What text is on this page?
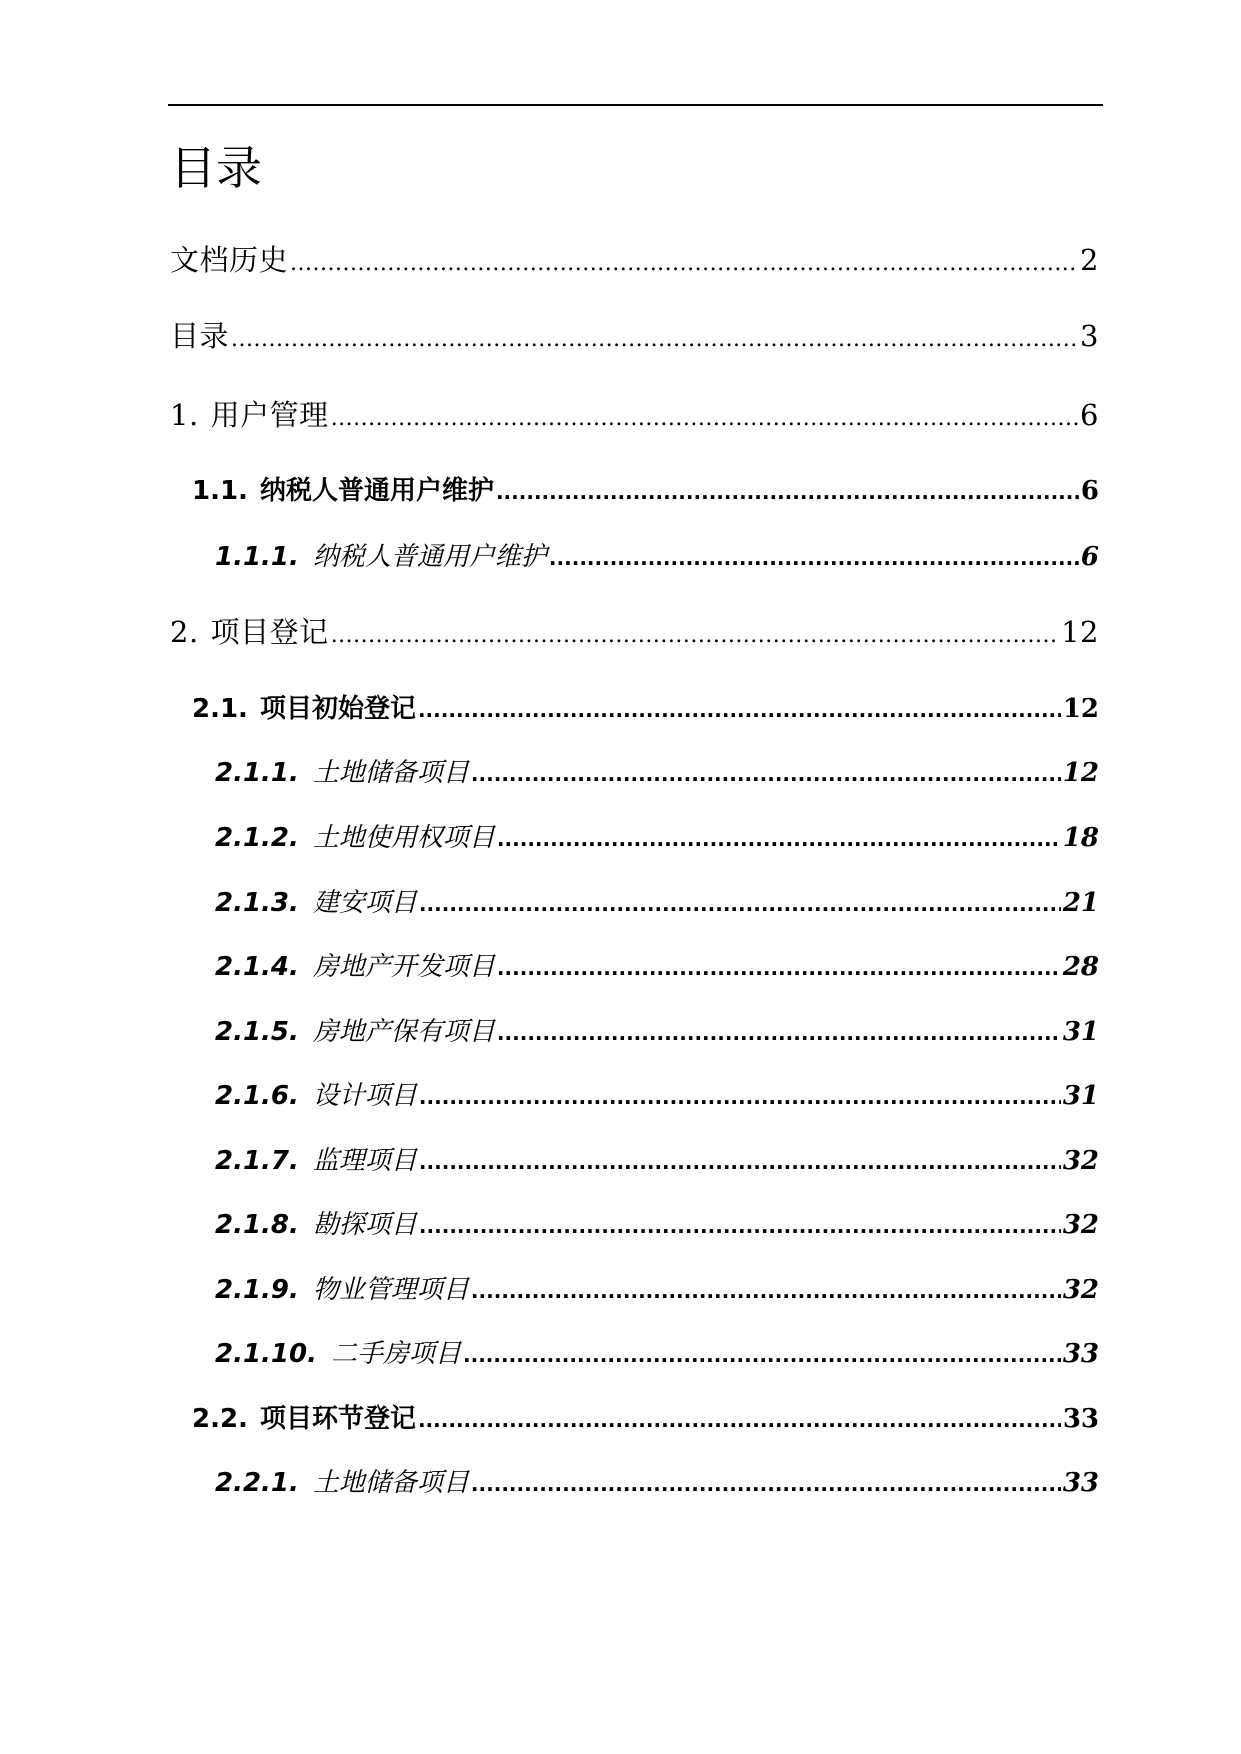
目录
文档历史 .....	2
目录 .....	3
1. 用户管理 .....	6
1.1. 纳税人普通用户维护 .....	6
1.1.1. 纳税人普通用户维护 .....	6
2. 项目登记 .....	12
2.1. 项目初始登记 .....	12
2.1.1. 土地储备项目 .....	12
2.1.2. 土地使用权项目 .....	18
2.1.3. 建安项目 .....	21
2.1.4. 房地产开发项目 .....	28
2.1.5. 房地产保有项目 .....	31
2.1.6. 设计项目 .....	31
2.1.7. 监理项目 .....	32
2.1.8. 勘探项目 .....	32
2.1.9. 物业管理项目 .....	32
2.1.10. 二手房项目 .....	33
2.2. 项目环节登记 .....	33
2.2.1. 土地储备项目 .....	33
